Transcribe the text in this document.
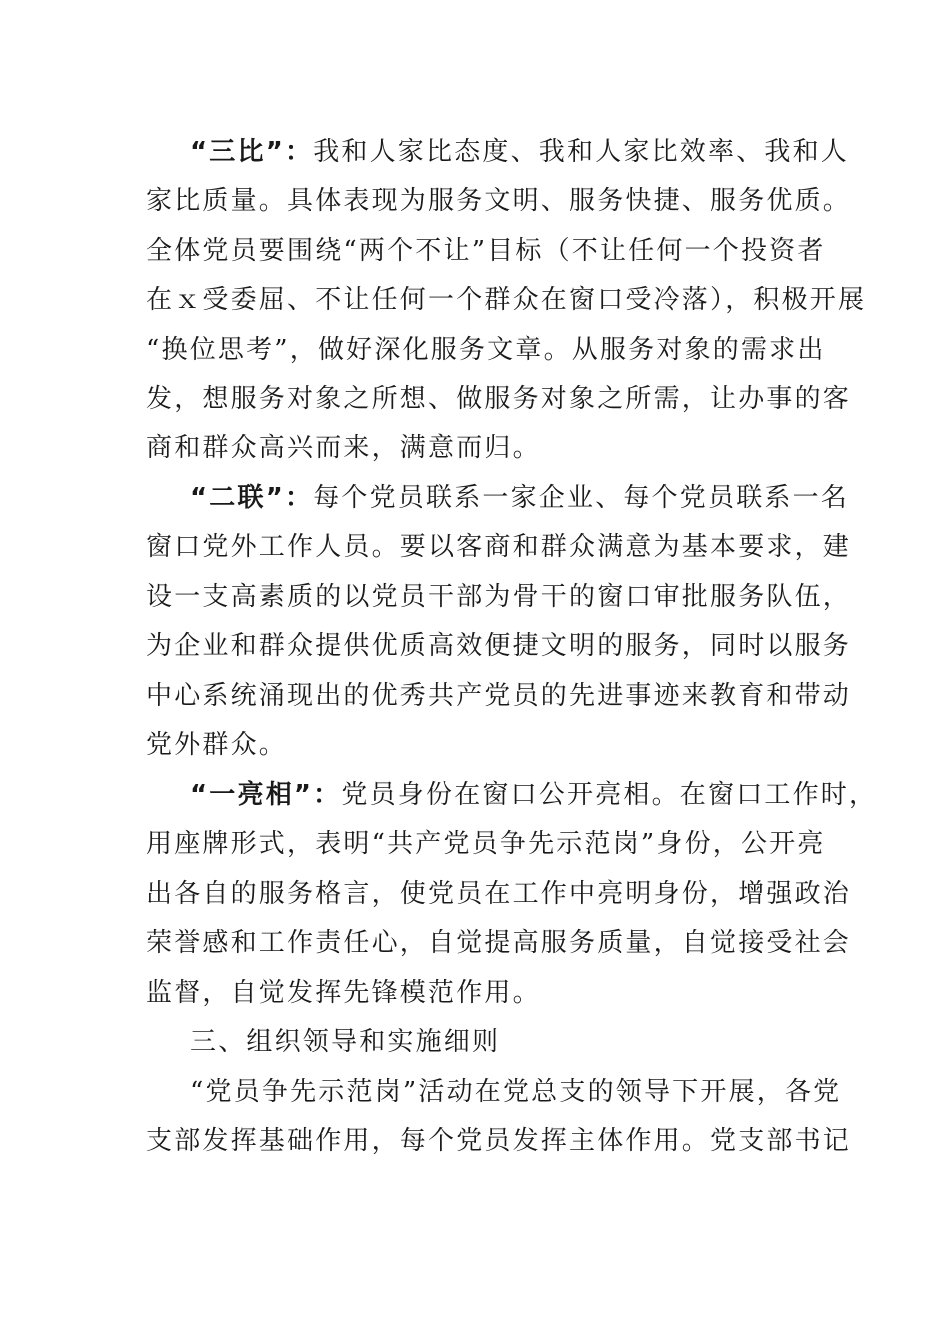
“三比”：我和人家比态度、我和人家比效率、我和人
家比质量。具体表现为服务文明、服务快捷、服务优质。
全体党员要围绕“两个不让”目标（不让任何一个投资者
在ｘ受委屈、不让任何一个群众在窗口受冷落），积极开展
“换位思考”，做好深化服务文章。从服务对象的需求出
发，想服务对象之所想、做服务对象之所需，让办事的客
商和群众高兴而来，满意而归。
“二联”：每个党员联系一家企业、每个党员联系一名
窗口党外工作人员。要以客商和群众满意为基本要求，建
设一支高素质的以党员干部为骨干的窗口审批服务队伍，
为企业和群众提供优质高效便捷文明的服务，同时以服务
中心系统涌现出的优秀共产党员的先进事迹来教育和带动
党外群众。
“一亮相”：党员身份在窗口公开亮相。在窗口工作时，
用座牌形式，表明“共产党员争先示范岗”身份，公开亮
出各自的服务格言，使党员在工作中亮明身份，增强政治
荣誉感和工作责任心，自觉提高服务质量，自觉接受社会
监督，自觉发挥先锋模范作用。
三、组织领导和实施细则
“党员争先示范岗”活动在党总支的领导下开展，各党
支部发挥基础作用，每个党员发挥主体作用。党支部书记
